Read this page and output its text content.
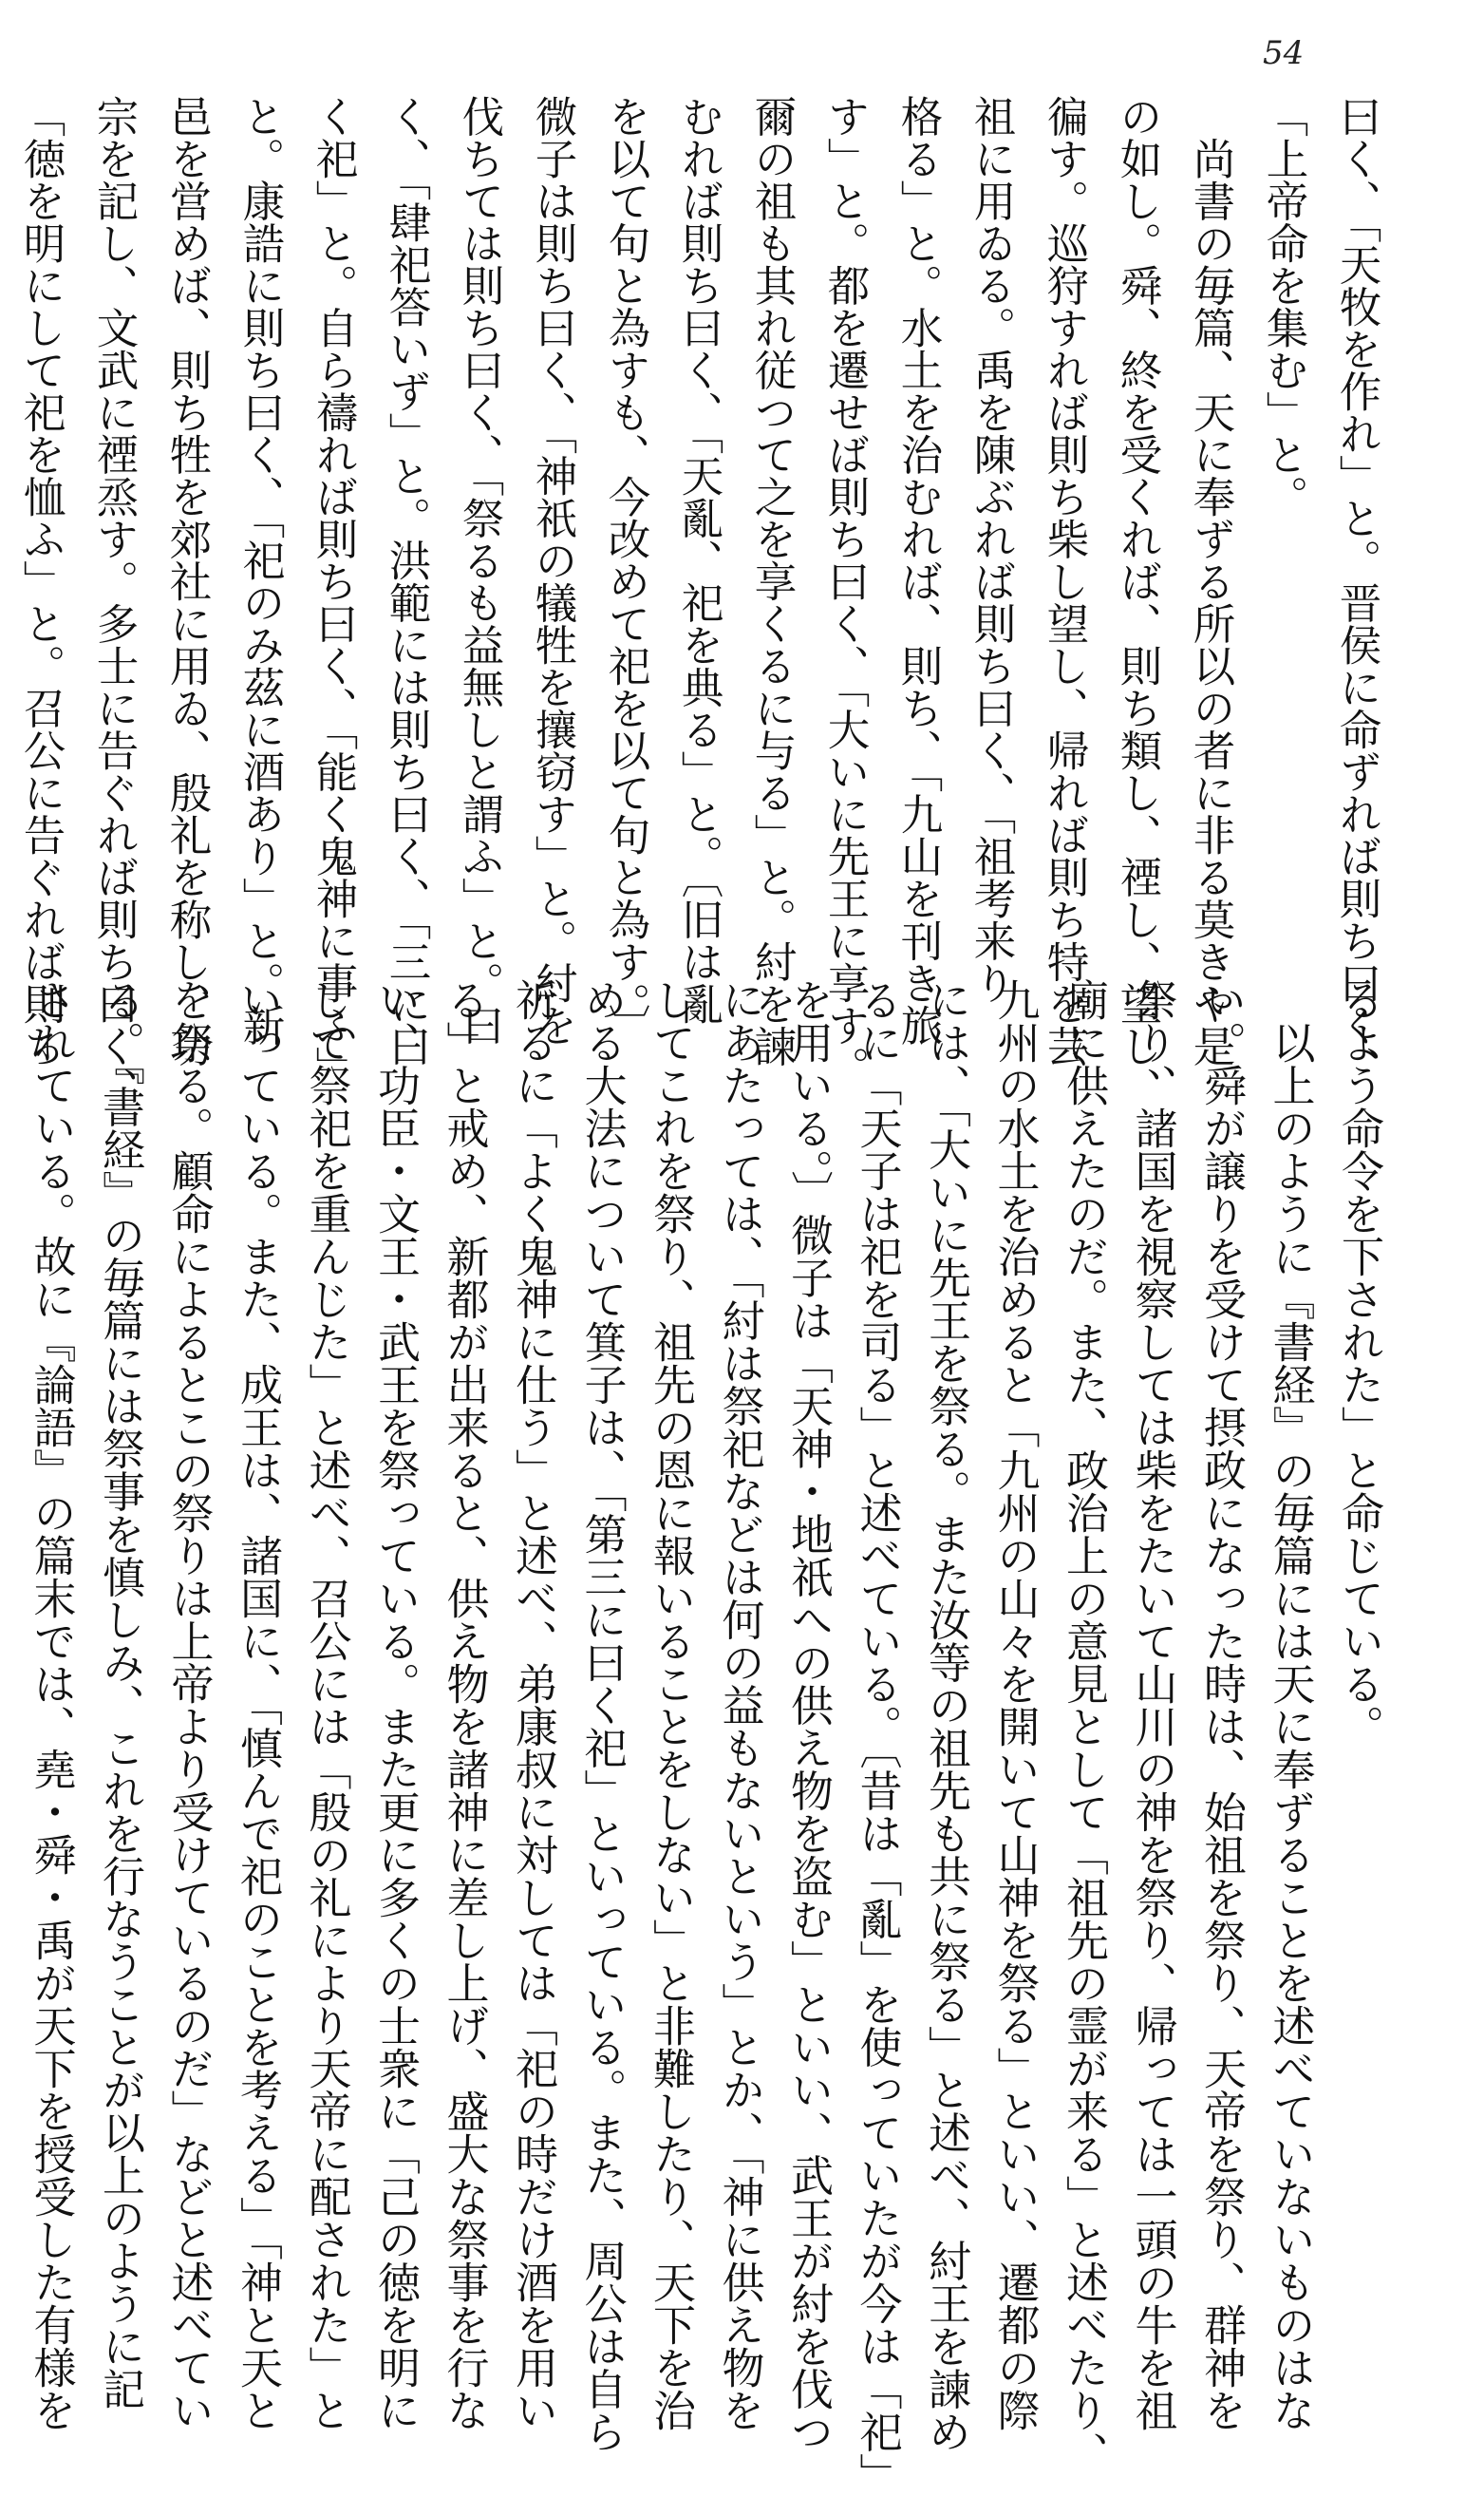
54
曰く、「天牧を作れ」と。晋侯に命ずれば則ち曰く、
「上帝命を集む」と。
　尚書の毎篇、天に奉ずる所以の者に非る莫きや是
の如し。舜、終を受くれば、則ち類し、禋し、望し、
徧す。巡狩すれば則ち柴し望し、帰れば則ち特を芸
祖に用ゐる。禹を陳ぶれば則ち曰く、「祖考来り
格る」と。水土を治むれば、則ち、「九山を刊き旅
す」と。都を遷せば則ち曰く、「大いに先王に享す。
爾の祖も其れ従つて之を享くるに与る」と。紂を諫
むれば則ち曰く、「天亂、祀を典る」と。〔旧は亂
を以て句と為すも、今改めて祀を以て句と為す。〕
微子は則ち曰く、「神祇の犠牲を攘窃す」と。紂を
伐ちては則ち曰く、「祭るも益無しと謂ふ」と。曰
く、「肆祀答いず」と。洪範には則ち曰く、「三に曰
く祀」と。自ら禱れば則ち曰く、「能く鬼神に事ふ」
と。康誥に則ち曰く、「祀のみ茲に酒あり」と。新
邑を営めば、則ち牲を郊社に用ゐ、殷礼を称し、功
宗を記し、文武に禋烝す。多士に告ぐれば則ち曰く、
「徳を明にして祀を恤ふ」と。召公に告ぐれば則ち
るよう命令を下された」と命じている。
　以上のように『書経』の毎篇には天に奉ずることを述べていないものはな
い。舜が譲りを受けて摂政になった時は、始祖を祭り、天帝を祭り、群神を
祭り、諸国を視察しては柴をたいて山川の神を祭り、帰っては一頭の牛を祖
廟に供えたのだ。また、政治上の意見として「祖先の霊が来る」と述べたり、
九州の水土を治めると「九州の山々を開いて山神を祭る」といい、遷都の際
には、「大いに先王を祭る。また汝等の祖先も共に祭る」と述べ、紂王を諫め
るに「天子は祀を司る」と述べている。〔昔は「亂」を使っていたが今は「祀」
を用いる。〕微子は「天神・地祇への供え物を盗む」といい、武王が紂を伐つ
にあたっては、「紂は祭祀などは何の益もないという」とか、「神に供え物を
してこれを祭り、祖先の恩に報いることをしない」と非難したり、天下を治
める大法について箕子は、「第三に曰く祀」といっている。また、周公は自ら
祈るに「よく鬼神に仕う」と述べ、弟康叔に対しては「祀の時だけ酒を用い
る」と戒め、新都が出来ると、供え物を諸神に差し上げ、盛大な祭事を行な
い、功臣・文王・武王を祭っている。また更に多くの士衆に「己の徳を明に
して祭祀を重んじた」と述べ、召公には「殷の礼により天帝に配された」と
いっている。また、成王は、諸国に、「慎んで祀のことを考える」「神と天と
を祭る。顧命によるとこの祭りは上帝より受けているのだ」などと述べてい
る。『書経』の毎篇には祭事を慎しみ、これを行なうことが以上のように記
されている。故に『論語』の篇末では、堯・舜・禹が天下を授受した有様を
